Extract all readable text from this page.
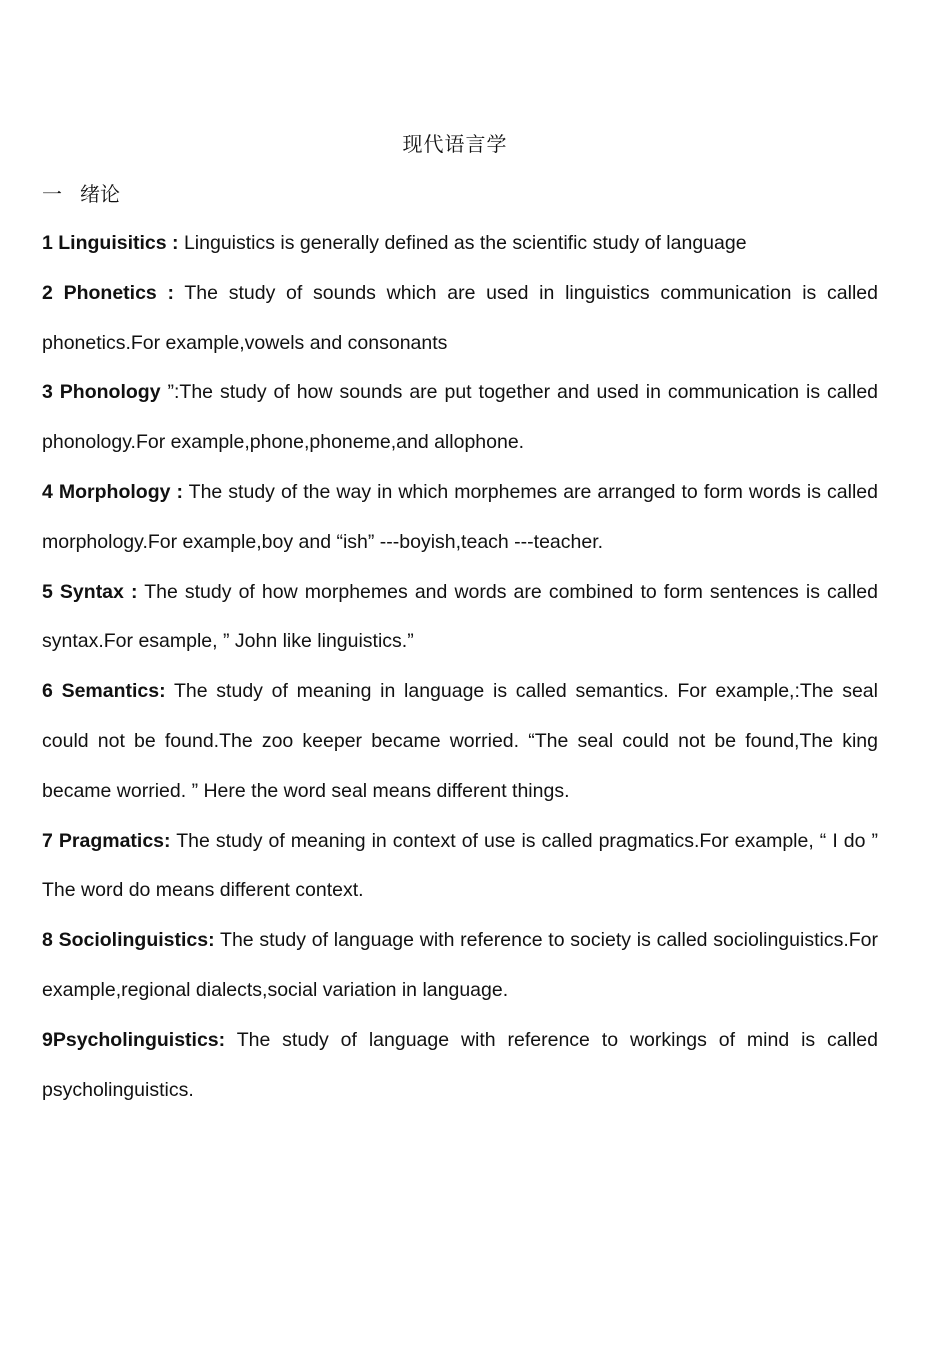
现代语言学
一 绪论

1 Linguisitics : Linguistics is generally defined as the scientific study of language

2 Phonetics : The study of sounds which are used in linguistics communication is called phonetics.For example,vowels and consonants

3 Phonology ”:The study of how sounds are put together and used in communication is called phonology.For example,phone,phoneme,and allophone.

4 Morphology : The study of the way in which morphemes are arranged to form words is called morphology.For example,boy and “ish” ---boyish,teach ---teacher.

5 Syntax : The study of how morphemes and words are combined to form sentences is called syntax.For esample, ” John like linguistics.”

6 Semantics: The study of meaning in language is called semantics. For example,:The seal could not be found.The zoo keeper became worried. “The seal could not be found,The king became worried. ” Here the word seal means different things.

7 Pragmatics: The study of meaning in context of use is called pragmatics.For example, “ I do ” The word do means different context.

8 Sociolinguistics: The study of language with reference to society is called sociolinguistics.For example,regional dialects,social variation in language.

9Psycholinguistics: The study of language with reference to workings of mind is called psycholinguistics.
